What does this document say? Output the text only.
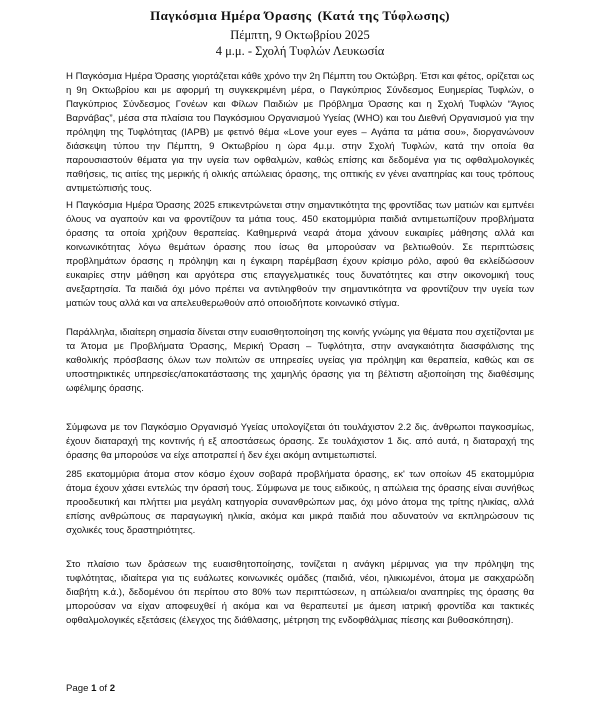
Παγκόσμια Ημέρα Όρασης (Κατά της Τύφλωσης)
Πέμπτη, 9 Οκτωβρίου 2025
4 μ.μ. - Σχολή Τυφλών Λευκωσία

Η Παγκόσμια Ημέρα Όρασης γιορτάζεται κάθε χρόνο την 2η Πέμπτη του Οκτώβρη. Έτσι και φέτος, ορίζεται ως η 9η Οκτωβρίου και με αφορμή τη συγκεκριμένη μέρα, ο Παγκύπριος Σύνδεσμος Ευημερίας Τυφλών, ο Παγκύπριος Σύνδεσμος Γονέων και Φίλων Παιδιών με Πρόβλημα Όρασης και η Σχολή Τυφλών “Άγιος Βαρνάβας”, μέσα στα πλαίσια του Παγκόσμιου Οργανισμού Υγείας (WHO) και του Διεθνή Οργανισμού για την πρόληψη της Τυφλότητας (IAPB) με φετινό θέμα «Love your eyes – Αγάπα τα μάτια σου», διοργανώνουν διάσκεψη τύπου την Πέμπτη, 9 Οκτωβρίου η ώρα 4μ.μ. στην Σχολή Τυφλών, κατά την οποία θα παρουσιαστούν θέματα για την υγεία των οφθαλμών, καθώς επίσης και δεδομένα για τις οφθαλμολογικές παθήσεις, τις αιτίες της μερικής ή ολικής απώλειας όρασης, της οπτικής εν γένει αναπηρίας και τους τρόπους αντιμετώπισής τους.

Η Παγκόσμια Ημέρα Όρασης 2025 επικεντρώνεται στην σημαντικότητα της φροντίδας των ματιών και εμπνέει όλους να αγαπούν και να φροντίζουν τα μάτια τους. 450 εκατομμύρια παιδιά αντιμετωπίζουν προβλήματα όρασης τα οποία χρήζουν θεραπείας. Καθημερινά νεαρά άτομα χάνουν ευκαιρίες μάθησης αλλά και κοινωνικότητας λόγω θεμάτων όρασης που ίσως θα μπορούσαν να βελτιωθούν. Σε περιπτώσεις προβλημάτων όρασης η πρόληψη και η έγκαιρη παρέμβαση έχουν κρίσιμο ρόλο, αφού θα εκλείδώσουν ευκαιρίες στην μάθηση και αργότερα στις επαγγελματικές τους δυνατότητες και στην οικονομική τους ανεξαρτησία. Τα παιδιά όχι μόνο πρέπει να αντιληφθούν την σημαντικότητα να φροντίζουν την υγεία των ματιών τους αλλά και να απελευθερωθούν από οποιοδήποτε κοινωνικό στίγμα.

Παράλληλα, ιδιαίτερη σημασία δίνεται στην ευαισθητοποίηση της κοινής γνώμης για θέματα που σχετίζονται με τα Άτομα με Προβλήματα Όρασης, Μερική Όραση – Τυφλότητα, στην αναγκαιότητα διασφάλισης της καθολικής πρόσβασης όλων των πολιτών σε υπηρεσίες υγείας για πρόληψη και θεραπεία, καθώς και σε υποστηρικτικές υπηρεσίες/αποκατάστασης της χαμηλής όρασης για τη βέλτιστη αξιοποίηση της διαθέσιμης ωφέλιμης όρασης.

Σύμφωνα με τον Παγκόσμιο Οργανισμό Υγείας υπολογίζεται ότι τουλάχιστον 2.2 δις. άνθρωποι παγκοσμίως, έχουν διαταραχή της κοντινής ή εξ αποστάσεως όρασης. Σε τουλάχιστον 1 δις. από αυτά, η διαταραχή της όρασης θα μπορούσε να είχε αποτραπεί ή δεν έχει ακόμη αντιμετωπιστεί.

285 εκατομμύρια άτομα στον κόσμο έχουν σοβαρά προβλήματα όρασης, εκ' των οποίων 45 εκατομμύρια άτομα έχουν χάσει εντελώς την όρασή τους. Σύμφωνα με τους ειδικούς, η απώλεια της όρασης είναι συνήθως προοδευτική και πλήττει μια μεγάλη κατηγορία συνανθρώπων μας, όχι μόνο άτομα της τρίτης ηλικίας, αλλά επίσης ανθρώπους σε παραγωγική ηλικία, ακόμα και μικρά παιδιά που αδυνατούν να εκπληρώσουν τις σχολικές τους δραστηριότητες.

Στο πλαίσιο των δράσεων της ευαισθητοποίησης, τονίζεται η ανάγκη μέριμνας για την πρόληψη της τυφλότητας, ιδιαίτερα για τις ευάλωτες κοινωνικές ομάδες (παιδιά, νέοι, ηλικιωμένοι, άτομα με σακχαρώδη διαβήτη κ.ά.), δεδομένου ότι περίπου στο 80% των περιπτώσεων, η απώλεια/οι αναπηρίες της όρασης θα μπορούσαν να είχαν αποφευχθεί ή ακόμα και να θεραπευτεί με άμεση ιατρική φροντίδα και τακτικές οφθαλμολογικές εξετάσεις (έλεγχος της διάθλασης, μέτρηση της ενδοφθάλμιας πίεσης και βυθοσκόπηση).

Page 1 of 2
